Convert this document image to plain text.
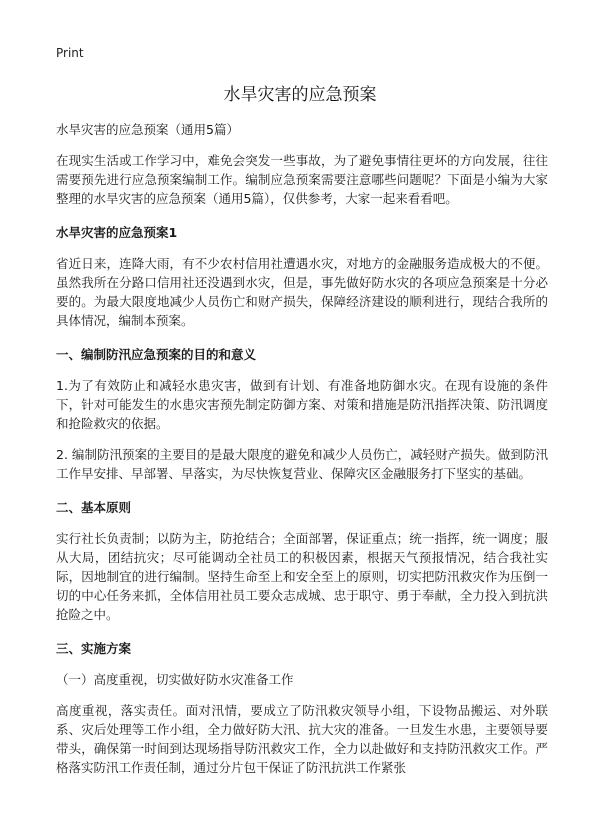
Print
水旱灾害的应急预案

水旱灾害的应急预案（通用5篇）

在现实生活或工作学习中，难免会突发一些事故，为了避免事情往更坏的方向发展，往往需要预先进行应急预案编制工作。编制应急预案需要注意哪些问题呢？下面是小编为大家整理的水旱灾害的应急预案（通用5篇），仅供参考，大家一起来看看吧。

水旱灾害的应急预案1

省近日来，连降大雨，有不少农村信用社遭遇水灾，对地方的金融服务造成极大的不便。虽然我所在分路口信用社还没遇到水灾，但是，事先做好防水灾的各项应急预案是十分必要的。为最大限度地减少人员伤亡和财产损失，保障经济建设的顺利进行，现结合我所的具体情况，编制本预案。

一、编制防汛应急预案的目的和意义

1.为了有效防止和减轻水患灾害，做到有计划、有准备地防御水灾。在现有设施的条件下，针对可能发生的水患灾害预先制定防御方案、对策和措施是防汛指挥决策、防汛调度和抢险救灾的依据。

2. 编制防汛预案的主要目的是最大限度的避免和减少人员伤亡，减轻财产损失。做到防汛工作早安排、早部署、早落实，为尽快恢复营业、保障灾区金融服务打下坚实的基础。

二、基本原则

实行社长负责制；以防为主，防抢结合；全面部署，保证重点；统一指挥，统一调度；服从大局，团结抗灾；尽可能调动全社员工的积极因素，根据天气预报情况，结合我社实际，因地制宜的进行编制。坚持生命至上和安全至上的原则，切实把防汛救灾作为压倒一切的中心任务来抓，全体信用社员工要众志成城、忠于职守、勇于奉献，全力投入到抗洪抢险之中。

三、实施方案

（一）高度重视，切实做好防水灾准备工作

高度重视，落实责任。面对汛情，要成立了防汛救灾领导小组，下设物品搬运、对外联系、灾后处理等工作小组，全力做好防大汛、抗大灾的准备。一旦发生水患，主要领导要带头，确保第一时间到达现场指导防汛救灾工作，全力以赴做好和支持防汛救灾工作。严格落实防汛工作责任制，通过分片包干保证了防汛抗洪工作紧张
